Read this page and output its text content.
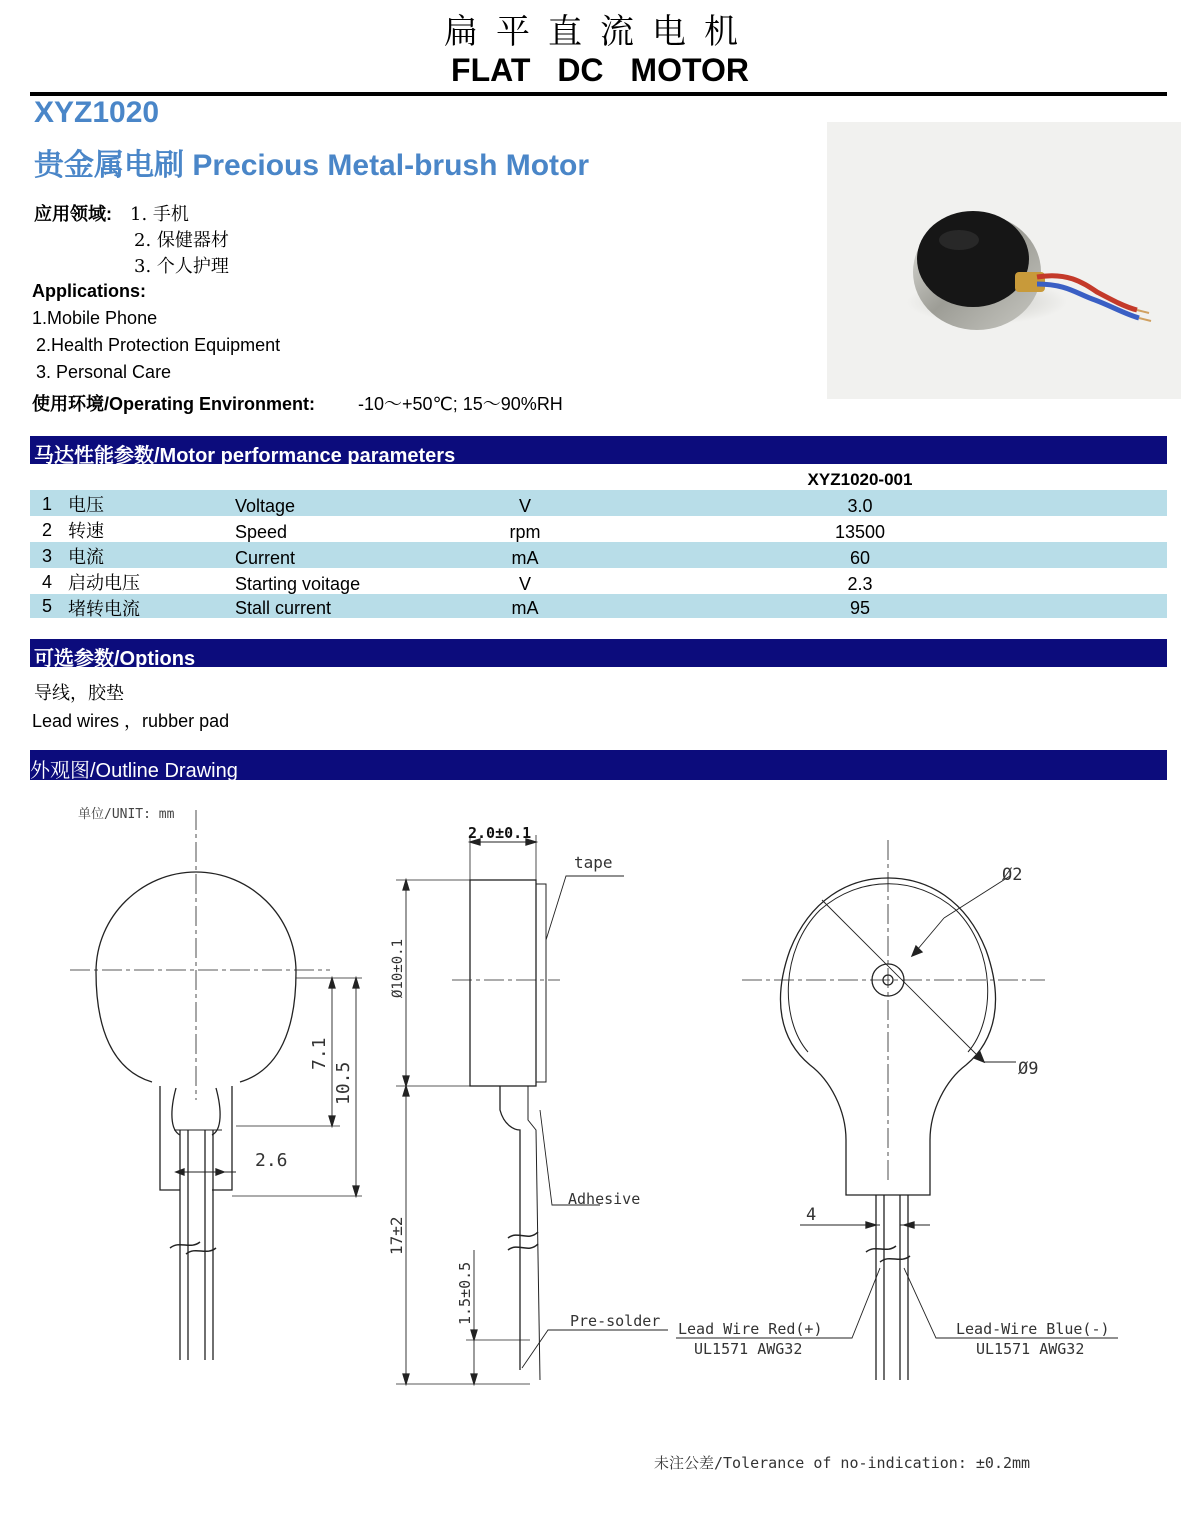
扁平直流电机
FLAT DC MOTOR
XYZ1020
贵金属电刷 Precious Metal-brush Motor
应用领域: 1. 手机
2. 保健器材
3. 个人护理
Applications:
1.Mobile Phone
2.Health Protection Equipment
3. Personal Care
使用环境/Operating Environment: -10～+50℃; 15～90%RH
马达性能参数/Motor performance parameters
XYZ1020-001
1 电压	Voltage	V	3.0
2 转速	Speed	rpm	13500
3 电流	Current	mA	60
4 启动电压	Starting voitage	V	2.3
5 堵转电流	Stall current	mA	95
可选参数/Options
导线，胶垫
Lead wires ，rubber pad
外观图/Outline Drawing
单位/UNIT: mm
2.6
7.1
10.5
2.0±0.1
tape
Adhesive
Ø10±0.1
17±2
1.5±0.5	Pre-solder
Ø2
Ø9
4
Lead Wire Red(+)
UL1571 AWG32
Lead-Wire Blue(-)
UL1571 AWG32
未注公差/Tolerance of no-indication: ±0.2mm
